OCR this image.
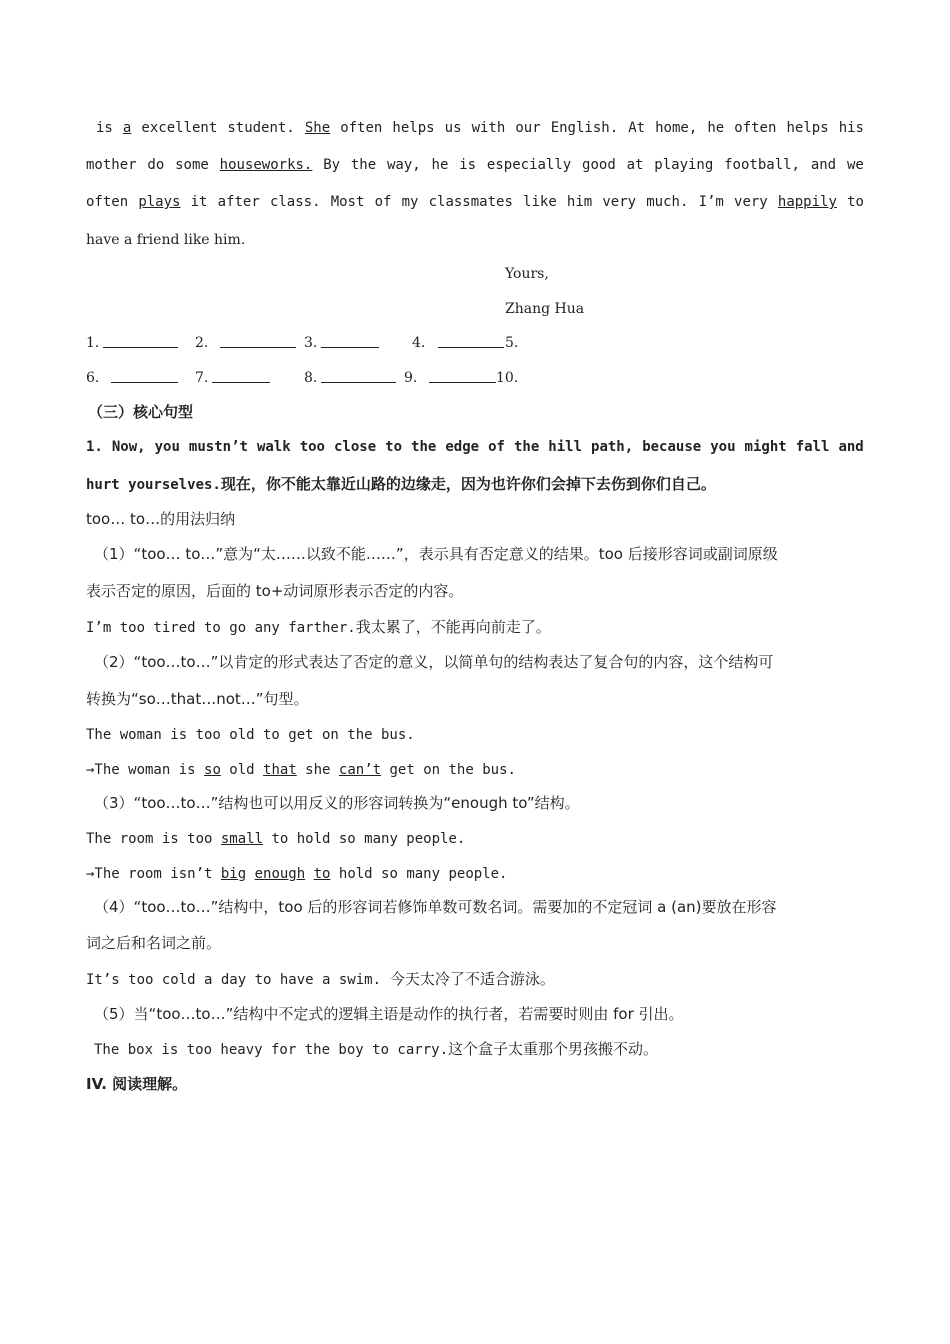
is a excellent student. She often helps us with our English. At home, he often helps his
mother do some houseworks. By the way, he is especially good at playing football, and we
often plays it after class. Most of my classmates like him very much. I’m very happily to
have a friend like him.
Yours,
Zhang Hua
1.	2.	3.	4.	5.
6.	7.	8.	9.	10.
（三）核心句型
1. Now, you mustn’t walk too close to the edge of the hill path, because you might fall and
hurt yourselves.现在，你不能太靠近山路的边缘走，因为也许你们会掉下去伤到你们自己。
too… to…的用法归纳
（1）“too… to…”意为“太……以致不能……”，表示具有否定意义的结果。too 后接形容词或副词原级
表示否定的原因，后面的 to+动词原形表示否定的内容。
I’m too tired to go any farther.我太累了，不能再向前走了。
（2）“too…to…”以肯定的形式表达了否定的意义，以简单句的结构表达了复合句的内容，这个结构可
转换为“so…that…not…”句型。
The woman is too old to get on the bus.
→The woman is so old that she can’t get on the bus.
（3）“too…to…”结构也可以用反义的形容词转换为“enough to”结构。
The room is too small to hold so many people.
→The room isn’t big enough to hold so many people.
（4）“too…to…”结构中，too 后的形容词若修饰单数可数名词。需要加的不定冠词 a (an)要放在形容
词之后和名词之前。
It’s too cold a day to have a swim. 今天太冷了不适合游泳。
（5）当“too…to…”结构中不定式的逻辑主语是动作的执行者，若需要时则由 for 引出。
The box is too heavy for the boy to carry.这个盒子太重那个男孩搬不动。
IV. 阅读理解。
